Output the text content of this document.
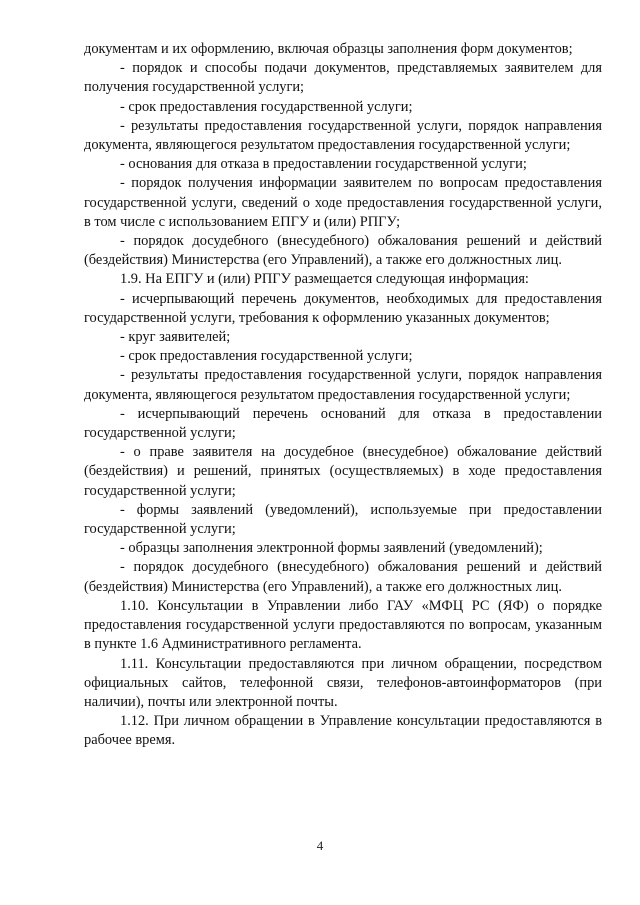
документам и их оформлению, включая образцы заполнения форм документов;

- порядок и способы подачи документов, представляемых заявителем для получения государственной услуги;

- срок предоставления государственной услуги;

- результаты предоставления государственной услуги, порядок направления документа, являющегося результатом предоставления государственной услуги;

- основания для отказа в предоставлении государственной услуги;

- порядок получения информации заявителем по вопросам предоставления государственной услуги, сведений о ходе предоставления государственной услуги, в том числе с использованием ЕПГУ и (или) РПГУ;

- порядок досудебного (внесудебного) обжалования решений и действий (бездействия) Министерства (его Управлений), а также его должностных лиц.

1.9. На ЕПГУ и (или) РПГУ размещается следующая информация:

- исчерпывающий перечень документов, необходимых для предоставления государственной услуги, требования к оформлению указанных документов;

- круг заявителей;

- срок предоставления государственной услуги;

- результаты предоставления государственной услуги, порядок направления документа, являющегося результатом предоставления государственной услуги;

- исчерпывающий перечень оснований для отказа в предоставлении государственной услуги;

- о праве заявителя на досудебное (внесудебное) обжалование действий (бездействия) и решений, принятых (осуществляемых) в ходе предоставления государственной услуги;

- формы заявлений (уведомлений), используемые при предоставлении государственной услуги;

- образцы заполнения электронной формы заявлений (уведомлений);

- порядок досудебного (внесудебного) обжалования решений и действий (бездействия) Министерства (его Управлений), а также его должностных лиц.

1.10. Консультации в Управлении либо ГАУ «МФЦ РС (ЯФ) о порядке предоставления государственной услуги предоставляются по вопросам, указанным в пункте 1.6 Административного регламента.

1.11. Консультации предоставляются при личном обращении, посредством официальных сайтов, телефонной связи, телефонов-автоинформаторов (при наличии), почты или электронной почты.

1.12. При личном обращении в Управление консультации предоставляются в рабочее время.

4
